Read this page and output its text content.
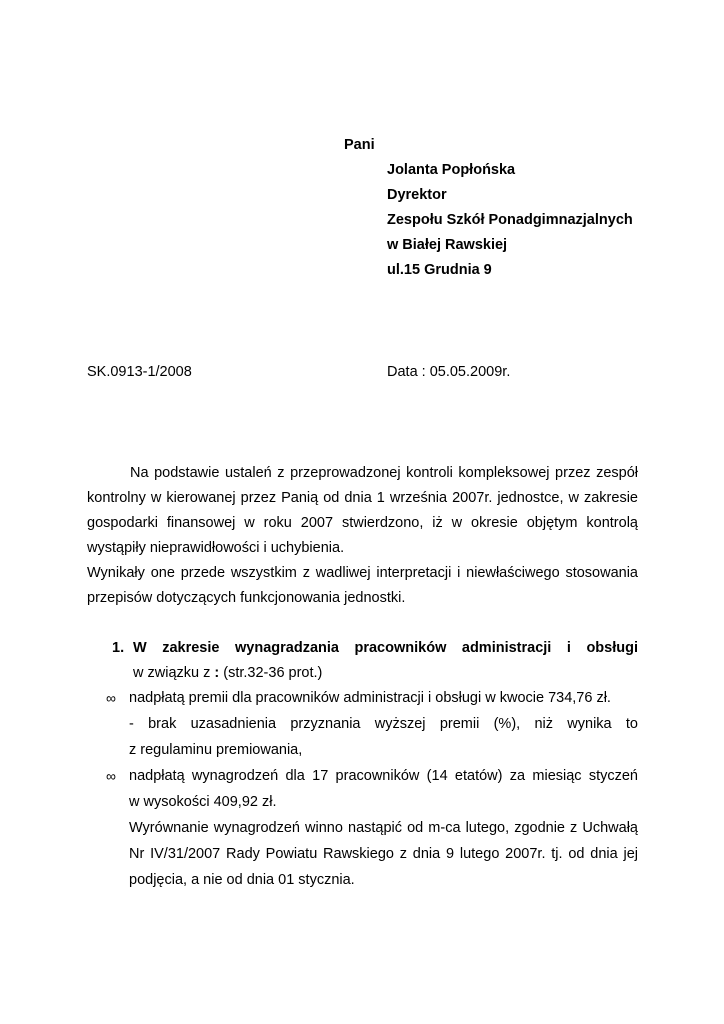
Pani
Jolanta Popłońska
Dyrektor
Zespołu Szkół Ponadgimnazjalnych
w Białej Rawskiej
ul.15 Grudnia 9
SK.0913-1/2008	Data : 05.05.2009r.
Na podstawie ustaleń z przeprowadzonej kontroli kompleksowej przez zespół
kontrolny w kierowanej przez Panią od dnia 1 września 2007r. jednostce, w zakresie
gospodarki finansowej w roku 2007 stwierdzono, iż w okresie objętym kontrolą
wystąpiły nieprawidłowości i uchybienia.
Wynikały one przede wszystkim z wadliwej interpretacji i niewłaściwego stosowania
przepisów dotyczących funkcjonowania jednostki.
1. W zakresie wynagradzania pracowników administracji i obsługi
w związku z : (str.32-36 prot.)
∞ nadpłatą premii dla pracowników administracji i obsługi w kwocie 734,76 zł.
- brak uzasadnienia przyznania wyższej premii (%), niż wynika to
z regulaminu premiowania,
∞ nadpłatą wynagrodzeń dla 17 pracowników (14 etatów) za miesiąc styczeń
w wysokości 409,92 zł.
Wyrównanie wynagrodzeń winno nastąpić od m-ca lutego, zgodnie z Uchwałą
Nr IV/31/2007 Rady Powiatu Rawskiego z dnia 9 lutego 2007r. tj. od dnia jej
podjęcia, a nie od dnia 01 stycznia.
